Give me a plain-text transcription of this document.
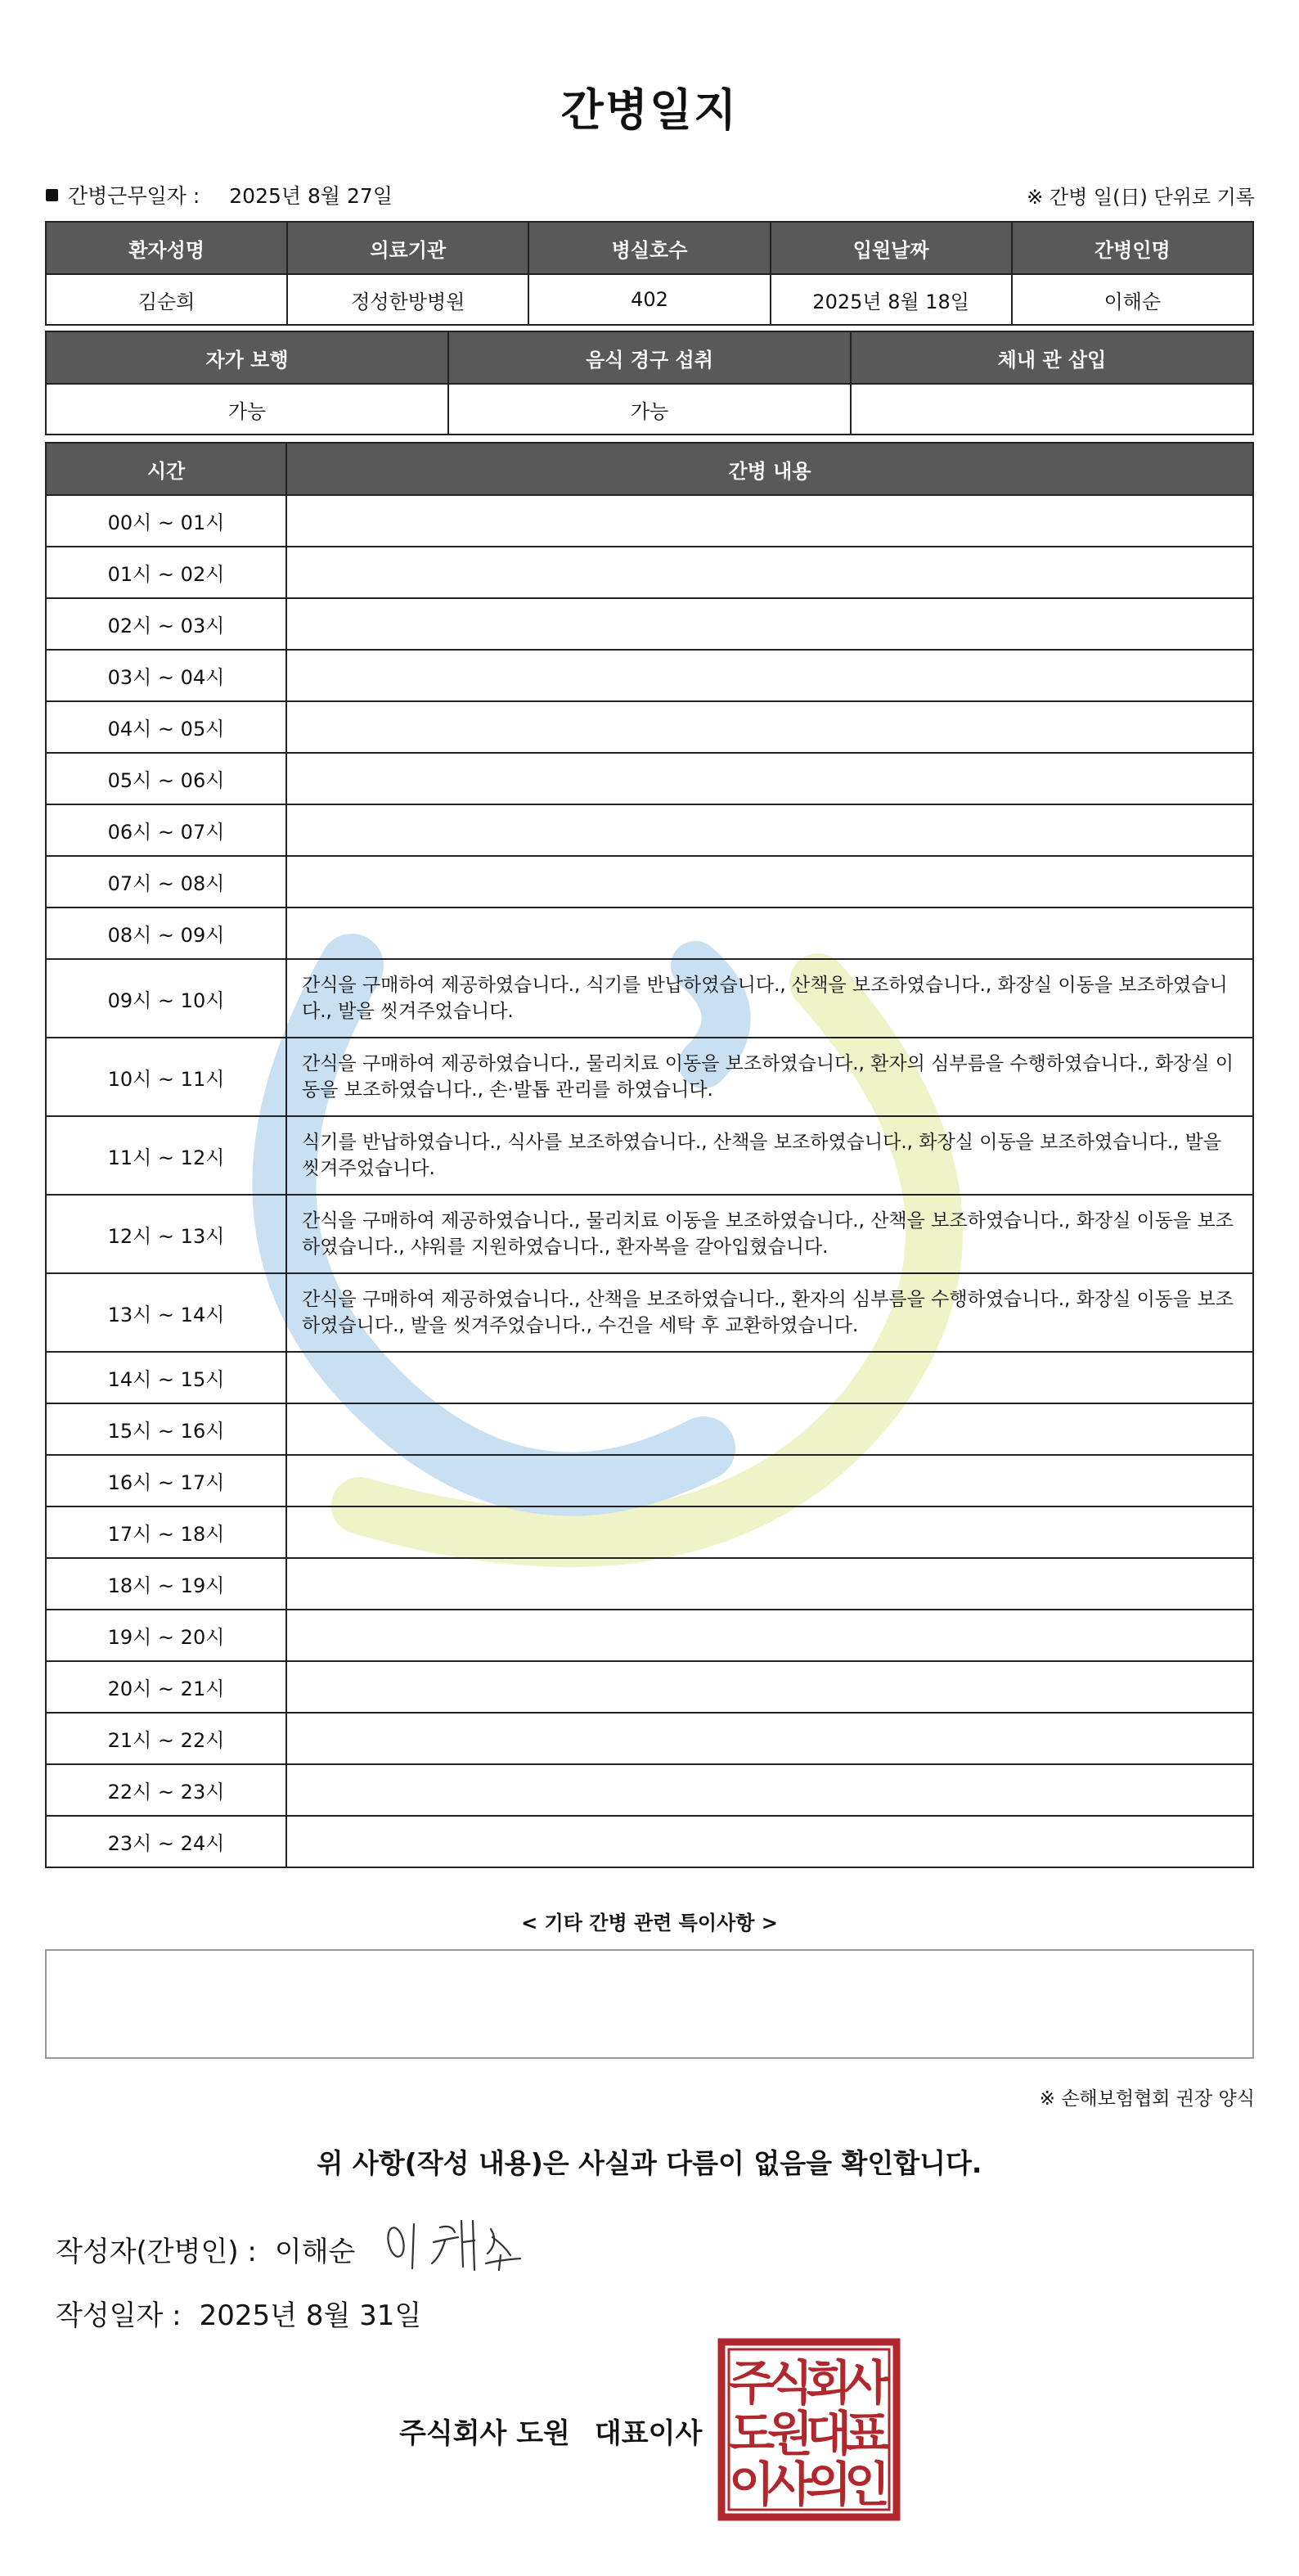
간병일지
간병근무일자 : 2025년 8월 27일	※ 간병 일(日) 단위로 기록
환자성명	의료기관	병실호수	입원날짜	간병인명
김순희	정성한방병원	402	2025년 8월 18일	이해순
자가 보행	음식 경구 섭취	체내 관 삽입
가능	가능	
시간	간병 내용
00시 ~ 01시	
01시 ~ 02시	
02시 ~ 03시	
03시 ~ 04시	
04시 ~ 05시	
05시 ~ 06시	
06시 ~ 07시	
07시 ~ 08시	
08시 ~ 09시	
09시 ~ 10시	간식을 구매하여 제공하였습니다., 식기를 반납하였습니다., 산책을 보조하였습니다., 화장실 이동을 보조하였습니다., 발을 씻겨주었습니다.
10시 ~ 11시	간식을 구매하여 제공하였습니다., 물리치료 이동을 보조하였습니다., 환자의 심부름을 수행하였습니다., 화장실 이동을 보조하였습니다., 손·발톱 관리를 하였습니다.
11시 ~ 12시	식기를 반납하였습니다., 식사를 보조하였습니다., 산책을 보조하였습니다., 화장실 이동을 보조하였습니다., 발을 씻겨주었습니다.
12시 ~ 13시	간식을 구매하여 제공하였습니다., 물리치료 이동을 보조하였습니다., 산책을 보조하였습니다., 화장실 이동을 보조하였습니다., 샤워를 지원하였습니다., 환자복을 갈아입혔습니다.
13시 ~ 14시	간식을 구매하여 제공하였습니다., 산책을 보조하였습니다., 환자의 심부름을 수행하였습니다., 화장실 이동을 보조하였습니다., 발을 씻겨주었습니다., 수건을 세탁 후 교환하였습니다.
14시 ~ 15시	
15시 ~ 16시	
16시 ~ 17시	
17시 ~ 18시	
18시 ~ 19시	
19시 ~ 20시	
20시 ~ 21시	
21시 ~ 22시	
22시 ~ 23시	
23시 ~ 24시	
< 기타 간병 관련 특이사항 >
※ 손해보험협회 권장 양식
위 사항(작성 내용)은 사실과 다름이 없음을 확인합니다.
작성자(간병인) : 이해순
작성일자 : 2025년 8월 31일
주식회사 도원 대표이사
주
식
회
사
도
원
대
표
이
사
의
인
